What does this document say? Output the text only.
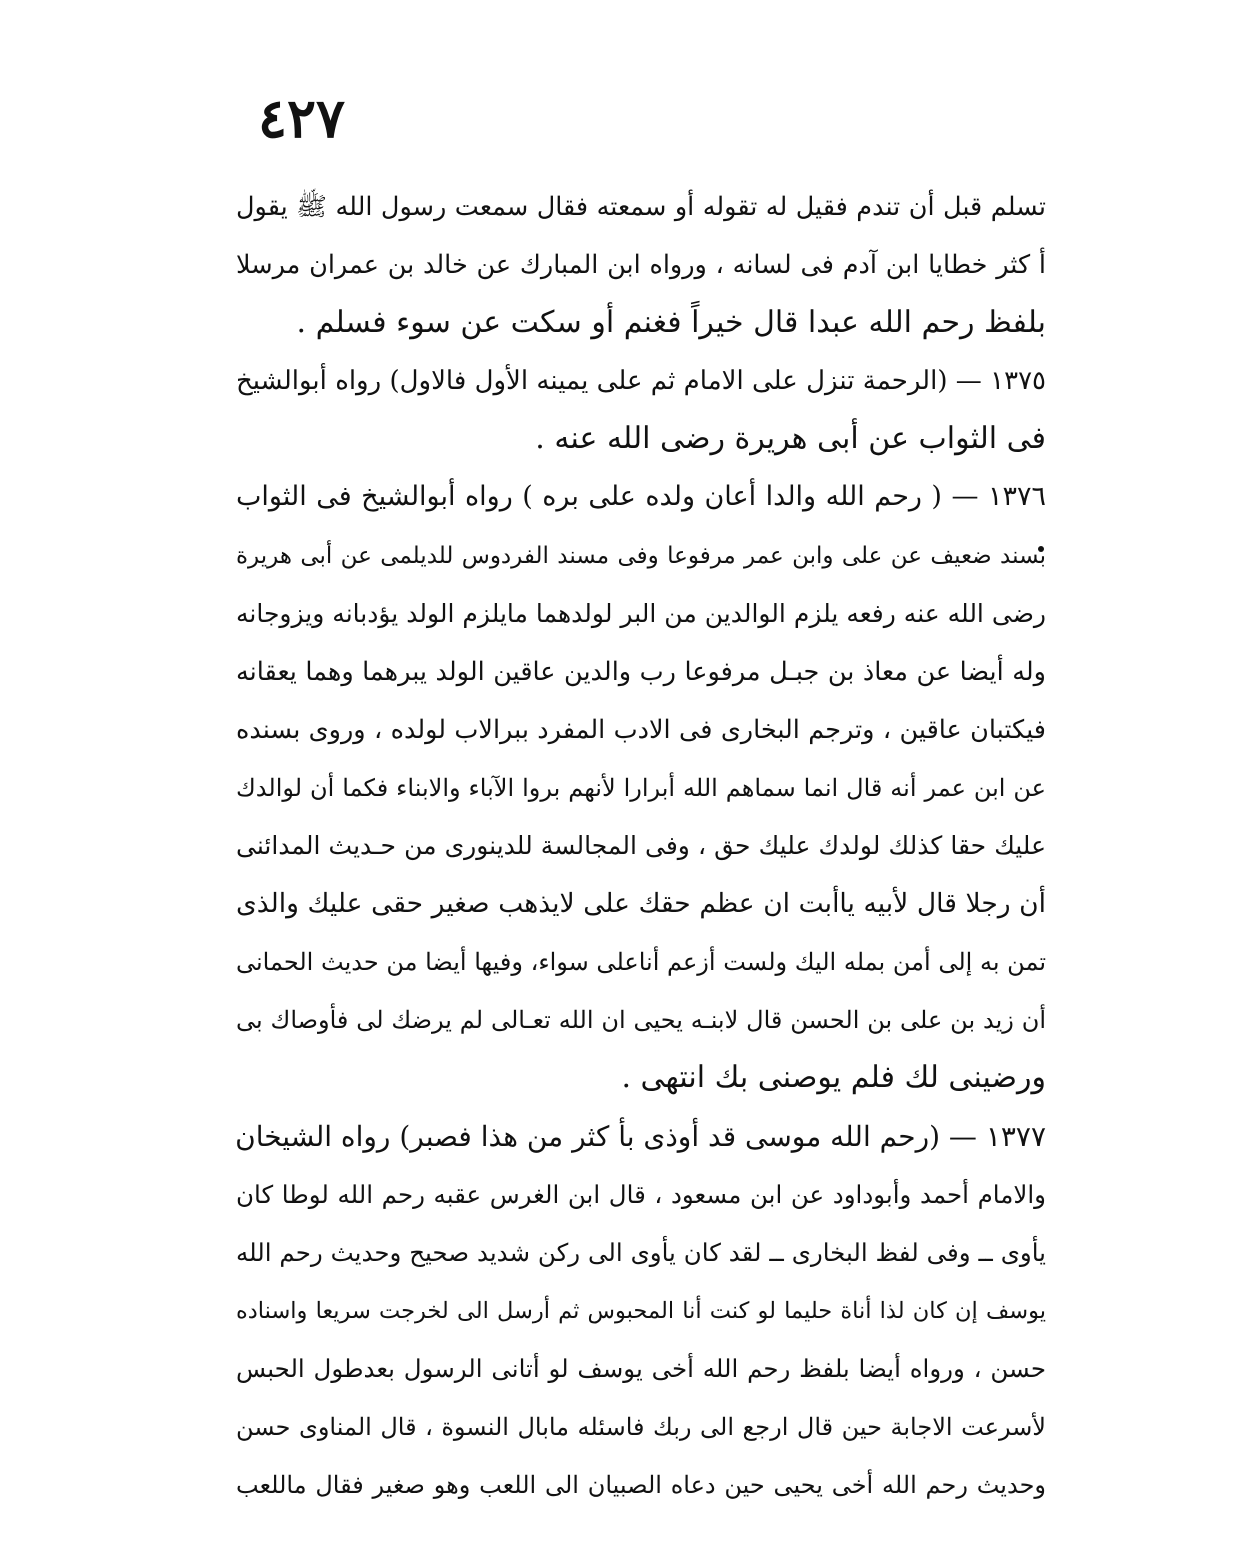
٤٢٧
تسلم قبل أن تندم فقيل له تقوله أو سمعته فقال سمعت رسول الله ﷺ يقول
أ كثر خطايا ابن آدم فى لسانه ، ورواه ابن المبارك عن خالد بن عمران مرسلا
بلفظ رحم الله عبدا قال خيراً فغنم أو سكت عن سوء فسلم .
١٣٧٥ — (الرحمة تنزل على الامام ثم على يمينه الأول فالاول) رواه أبوالشيخ
فى الثواب عن أبى هريرة رضى الله عنه .
١٣٧٦ — ( رحم الله والدا أعان ولده على بره ) رواه أبوالشيخ فى الثواب
بسند ضعيف عن على وابن عمر مرفوعا وفى مسند الفردوس للديلمى عن أبى هريرة
رضى الله عنه رفعه يلزم الوالدين من البر لولدهما مايلزم الولد يؤدبانه ويزوجانه
وله أيضا عن معاذ بن جبـل مرفوعا رب والدين عاقين الولد يبرهما وهما يعقانه
فيكتبان عاقين ، وترجم البخارى فى الادب المفرد ببرالاب لولده ، وروى بسنده
عن ابن عمر أنه قال انما سماهم الله أبرارا لأنهم بروا الآباء والابناء فكما أن لوالدك
عليك حقا كذلك لولدك عليك حق ، وفى المجالسة للدينورى من حـديث المدائنى
أن رجلا قال لأبيه ياأبت ان عظم حقك على لايذهب صغير حقى عليك والذى
تمن به إلى أمن بمله اليك ولست أزعم أناعلى سواء، وفيها أيضا من حديث الحمانى
أن زيد بن على بن الحسن قال لابنـه يحيى ان الله تعـالى لم يرضك لى فأوصاك بى
ورضينى لك فلم يوصنى بك انتهى .
١٣٧٧ — (رحم الله موسى قد أوذى بأ كثر من هذا فصبر) رواه الشيخان
والامام أحمد وأبوداود عن ابن مسعود ، قال ابن الغرس عقبه رحم الله لوطا كان
يأوى ــ وفى لفظ البخارى ــ لقد كان يأوى الى ركن شديد صحيح وحديث رحم الله
يوسف إن كان لذا أناة حليما لو كنت أنا المحبوس ثم أرسل الى لخرجت سريعا واسناده
حسن ، ورواه أيضا بلفظ رحم الله أخى يوسف لو أتانى الرسول بعدطول الحبس
لأسرعت الاجابة حين قال ارجع الى ربك فاسئله مابال النسوة ، قال المناوى حسن
وحديث رحم الله أخى يحيى حين دعاه الصبيان الى اللعب وهو صغير فقال ماللعب
